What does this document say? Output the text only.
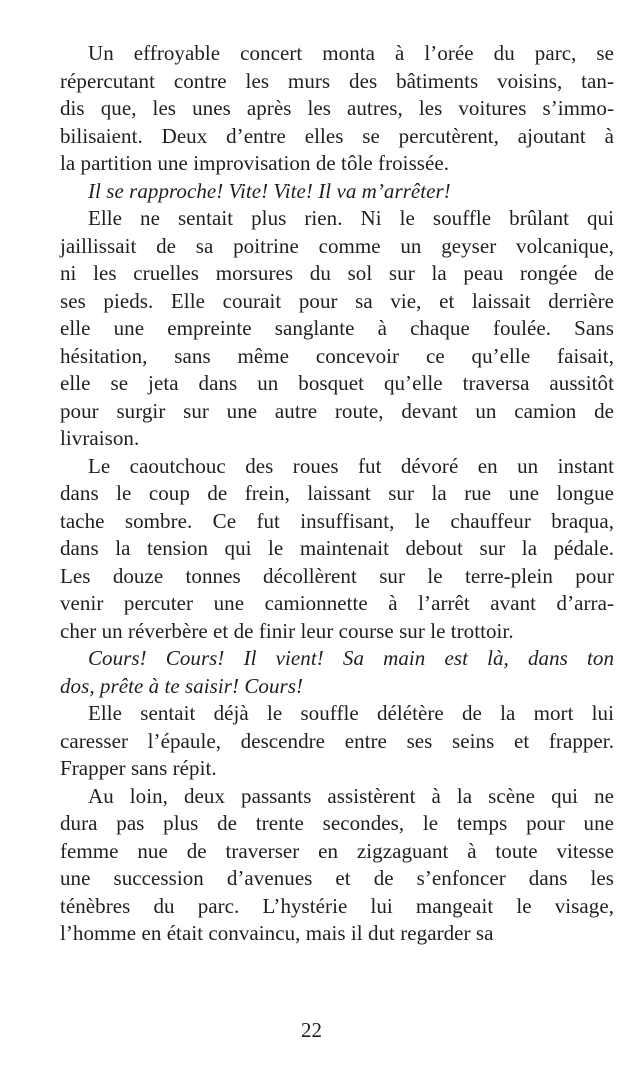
Un effroyable concert monta à l’orée du parc, se
répercutant contre les murs des bâtiments voisins, tan-
dis que, les unes après les autres, les voitures s’immo-
bilisaient. Deux d’entre elles se percutèrent, ajoutant à
la partition une improvisation de tôle froissée.
Il se rapproche! Vite! Vite! Il va m’arrêter!
Elle ne sentait plus rien. Ni le souffle brûlant qui
jaillissait de sa poitrine comme un geyser volcanique,
ni les cruelles morsures du sol sur la peau rongée de
ses pieds. Elle courait pour sa vie, et laissait derrière
elle une empreinte sanglante à chaque foulée. Sans
hésitation, sans même concevoir ce qu’elle faisait,
elle se jeta dans un bosquet qu’elle traversa aussitôt
pour surgir sur une autre route, devant un camion de
livraison.
Le caoutchouc des roues fut dévoré en un instant
dans le coup de frein, laissant sur la rue une longue
tache sombre. Ce fut insuffisant, le chauffeur braqua,
dans la tension qui le maintenait debout sur la pédale.
Les douze tonnes décollèrent sur le terre-plein pour
venir percuter une camionnette à l’arrêt avant d’arra-
cher un réverbère et de finir leur course sur le trottoir.
Cours! Cours! Il vient! Sa main est là, dans ton
dos, prête à te saisir! Cours!
Elle sentait déjà le souffle délétère de la mort lui
caresser l’épaule, descendre entre ses seins et frapper.
Frapper sans répit.
Au loin, deux passants assistèrent à la scène qui ne
dura pas plus de trente secondes, le temps pour une
femme nue de traverser en zigzaguant à toute vitesse
une succession d’avenues et de s’enfoncer dans les
ténèbres du parc. L’hystérie lui mangeait le visage,
l’homme en était convaincu, mais il dut regarder sa
22
